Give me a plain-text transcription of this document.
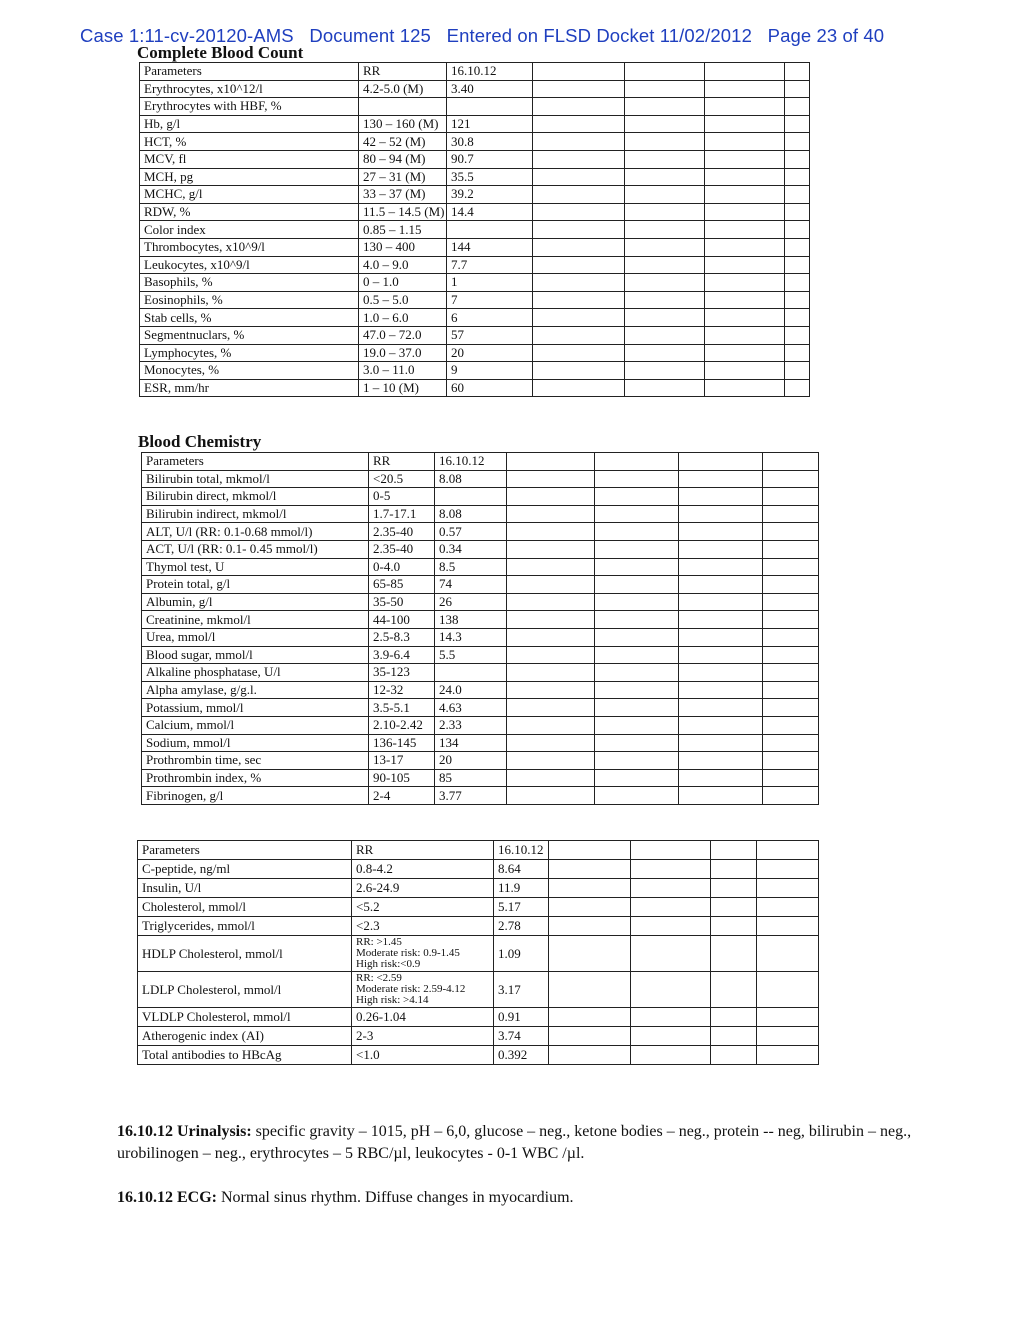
Case 1:11-cv-20120-AMS   Document 125   Entered on FLSD Docket 11/02/2012   Page 23 of 40
Complete Blood Count
Parameters	RR	16.10.12				
Erythrocytes, x10^12/l	4.2-5.0 (M)	3.40				
Erythrocytes with HBF, %						
Hb, g/l	130 – 160 (M)	121				
HCT, %	42 – 52 (M)	30.8				
MCV, fl	80 – 94 (M)	90.7				
MCH, pg	27 – 31 (M)	35.5				
MCHC, g/l	33 – 37 (M)	39.2				
RDW, %	11.5 – 14.5 (M)	14.4				
Color index	0.85 – 1.15					
Thrombocytes, x10^9/l	130 – 400	144				
Leukocytes, x10^9/l	4.0 – 9.0	7.7				
Basophils, %	0 – 1.0	1				
Eosinophils, %	0.5 – 5.0	7				
Stab cells, %	1.0 – 6.0	6				
Segmentnuclars, %	47.0 – 72.0	57				
Lymphocytes, %	19.0 – 37.0	20				
Monocytes, %	3.0 – 11.0	9				
ESR, mm/hr	1 – 10 (M)	60				
Blood Chemistry
Parameters	RR	16.10.12				
Bilirubin total, mkmol/l	<20.5	8.08				
Bilirubin direct, mkmol/l	0-5					
Bilirubin indirect, mkmol/l	1.7-17.1	8.08				
ALT, U/l (RR: 0.1-0.68 mmol/l)	2.35-40	0.57				
ACT, U/l (RR: 0.1- 0.45 mmol/l)	2.35-40	0.34				
Thymol test, U	0-4.0	8.5				
Protein total, g/l	65-85	74				
Albumin, g/l	35-50	26				
Creatinine, mkmol/l	44-100	138				
Urea, mmol/l	2.5-8.3	14.3				
Blood sugar, mmol/l	3.9-6.4	5.5				
Alkaline phosphatase, U/l	35-123					
Alpha amylase, g/g.l.	12-32	24.0				
Potassium, mmol/l	3.5-5.1	4.63				
Calcium, mmol/l	2.10-2.42	2.33				
Sodium, mmol/l	136-145	134				
Prothrombin time, sec	13-17	20				
Prothrombin index, %	90-105	85				
Fibrinogen, g/l	2-4	3.77				
Parameters	RR	16.10.12				
C-peptide, ng/ml	0.8-4.2	8.64				
Insulin, U/l	2.6-24.9	11.9				
Cholesterol, mmol/l	<5.2	5.17				
Triglycerides, mmol/l	<2.3	2.78				
HDLP Cholesterol, mmol/l	RR: >1.45
Moderate risk: 0.9-1.45
High risk:<0.9	1.09				
LDLP Cholesterol, mmol/l	RR: <2.59
Moderate risk: 2.59-4.12
High risk: >4.14	3.17				
VLDLP Cholesterol, mmol/l	0.26-1.04	0.91				
Atherogenic index (AI)	2-3	3.74				
Total antibodies to HBcAg	<1.0	0.392				
16.10.12 Urinalysis: specific gravity – 1015, pH – 6,0, glucose – neg., ketone bodies – neg., protein -- neg, bilirubin – neg., urobilinogen – neg., erythrocytes – 5 RBC/µl, leukocytes - 0-1 WBC /µl.
16.10.12 ECG: Normal sinus rhythm. Diffuse changes in myocardium.
